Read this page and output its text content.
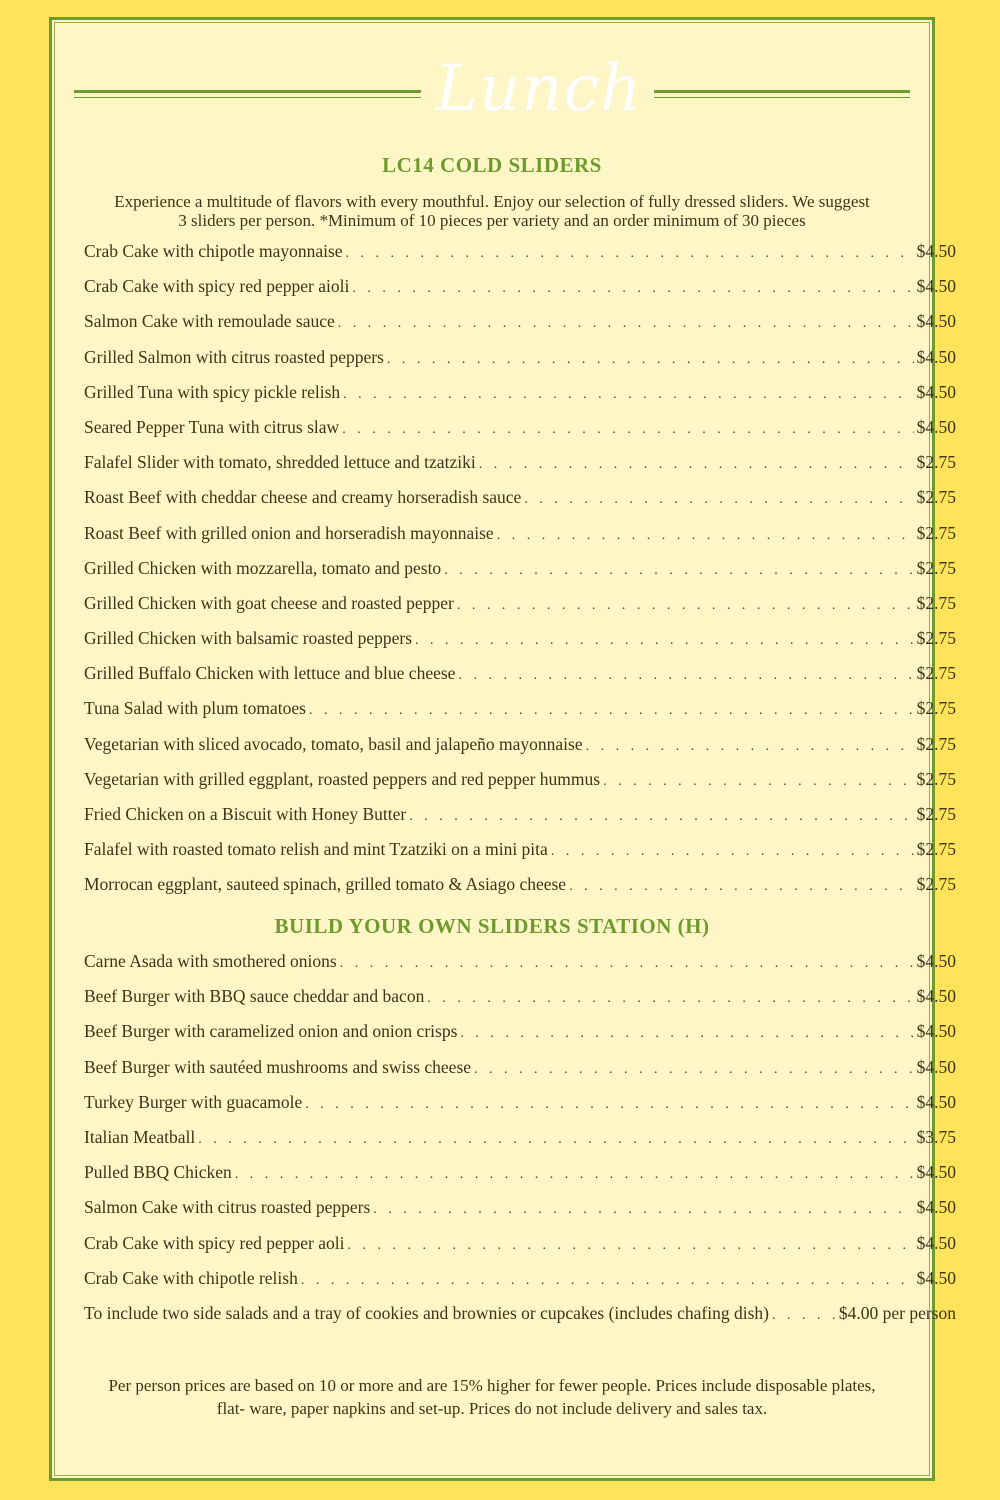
Lunch
LC14 COLD SLIDERS
Experience a multitude of flavors with every mouthful. Enjoy our selection of fully dressed sliders. We suggest
3 sliders per person. *Minimum of 10 pieces per variety and an order minimum of 30 pieces
Crab Cake with chipotle mayonnaise . . .	$4.50
Crab Cake with spicy red pepper aioli . . .	$4.50
Salmon Cake with remoulade sauce . . .	$4.50
Grilled Salmon with citrus roasted peppers . . .	$4.50
Grilled Tuna with spicy pickle relish . . .	$4.50
Seared Pepper Tuna with citrus slaw . . .	$4.50
Falafel Slider with tomato, shredded lettuce and tzatziki . . .	$2.75
Roast Beef with cheddar cheese and creamy horseradish sauce . . .	$2.75
Roast Beef with grilled onion and horseradish mayonnaise . . .	$2.75
Grilled Chicken with mozzarella, tomato and pesto . . .	$2.75
Grilled Chicken with goat cheese and roasted pepper . . .	$2.75
Grilled Chicken with balsamic roasted peppers . . .	$2.75
Grilled Buffalo Chicken with lettuce and blue cheese . . .	$2.75
Tuna Salad with plum tomatoes . . .	$2.75
Vegetarian with sliced avocado, tomato, basil and jalapeño mayonnaise . . .	$2.75
Vegetarian with grilled eggplant, roasted peppers and red pepper hummus . . .	$2.75
Fried Chicken on a Biscuit with Honey Butter . . .	$2.75
Falafel with roasted tomato relish and mint Tzatziki on a mini pita . . .	$2.75
Morrocan eggplant, sauteed spinach, grilled tomato & Asiago cheese . . .	$2.75
BUILD YOUR OWN SLIDERS STATION (H)
Carne Asada with smothered onions . . .	$4.50
Beef Burger with BBQ sauce cheddar and bacon . . .	$4.50
Beef Burger with caramelized onion and onion crisps . . .	$4.50
Beef Burger with sautéed mushrooms and swiss cheese . . .	$4.50
Turkey Burger with guacamole . . .	$4.50
Italian Meatball . . .	$3.75
Pulled BBQ Chicken . . .	$4.50
Salmon Cake with citrus roasted peppers . . .	$4.50
Crab Cake with spicy red pepper aoli . . .	$4.50
Crab Cake with chipotle relish . . .	$4.50
To include two side salads and a tray of cookies and brownies or cupcakes (includes chafing dish) . . .	$4.00 per person
Per person prices are based on 10 or more and are 15% higher for fewer people. Prices include disposable plates,
flat- ware, paper napkins and set-up. Prices do not include delivery and sales tax.
